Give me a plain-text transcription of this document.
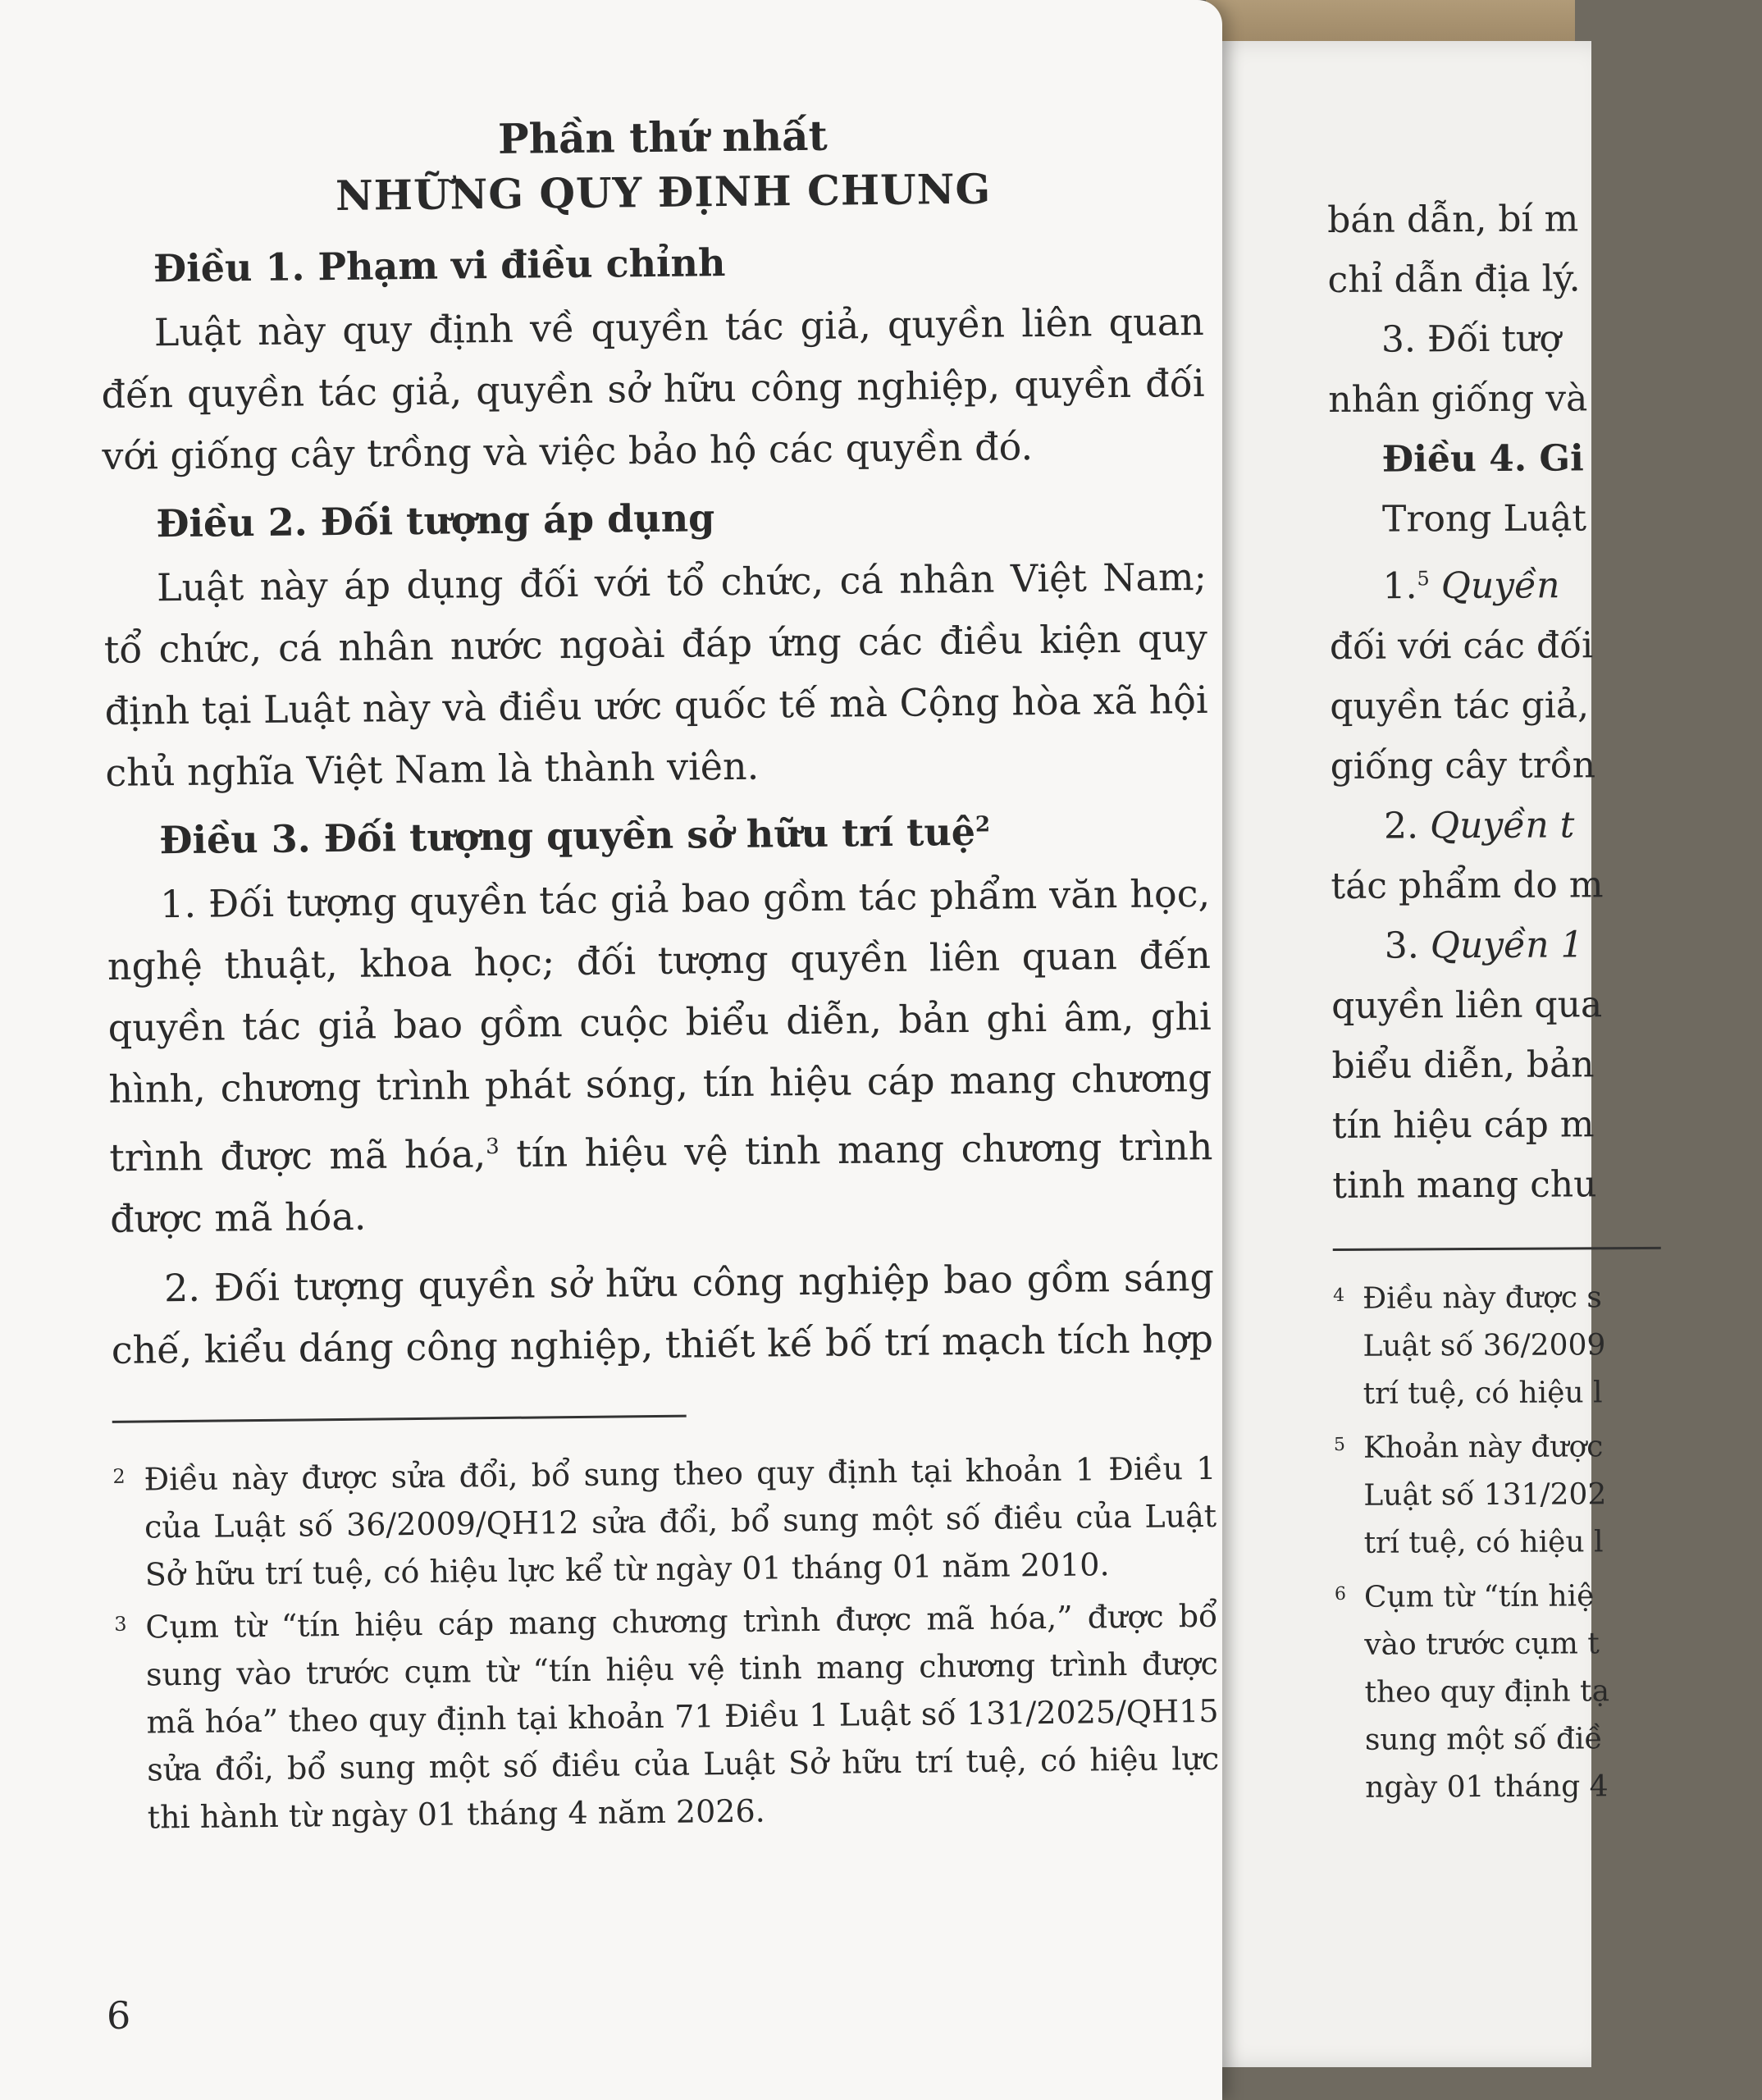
bán dẫn, bí m

chỉ dẫn địa lý.

3. Đối tượ

nhân giống và

Điều 4. Gi

Trong Luật

1.$^5$ Quyền

đối với các đối

quyền tác giả,

giống cây trồn

2. Quyền t

tác phẩm do m

3. Quyền 1

quyền liên qua

biểu diễn, bản

tín hiệu cáp m

tinh mang chu

4 Điều này được s

Luật số 36/2009

trí tuệ, có hiệu l

5 Khoản này được

Luật số 131/202

trí tuệ, có hiệu l

6 Cụm từ “tín hiệ

vào trước cụm t

theo quy định tạ

sung một số điề

ngày 01 tháng 4

Phần thứ nhất
NHỮNG QUY ĐỊNH CHUNG
Điều 1. Phạm vi điều chỉnh

Luật này quy định về quyền tác giả, quyền liên quan đến quyền tác giả, quyền sở hữu công nghiệp, quyền đối với giống cây trồng và việc bảo hộ các quyền đó.

Điều 2. Đối tượng áp dụng

Luật này áp dụng đối với tổ chức, cá nhân Việt Nam; tổ chức, cá nhân nước ngoài đáp ứng các điều kiện quy định tại Luật này và điều ước quốc tế mà Cộng hòa xã hội chủ nghĩa Việt Nam là thành viên.

Điều 3. Đối tượng quyền sở hữu trí tuệ$^2$

1. Đối tượng quyền tác giả bao gồm tác phẩm văn học, nghệ thuật, khoa học; đối tượng quyền liên quan đến quyền tác giả bao gồm cuộc biểu diễn, bản ghi âm, ghi hình, chương trình phát sóng, tín hiệu cáp mang chương trình được mã hóa,$^3$ tín hiệu vệ tinh mang chương trình được mã hóa.

2. Đối tượng quyền sở hữu công nghiệp bao gồm sáng chế, kiểu dáng công nghiệp, thiết kế bố trí mạch tích hợp

2 Điều này được sửa đổi, bổ sung theo quy định tại khoản 1 Điều 1 của Luật số 36/2009/QH12 sửa đổi, bổ sung một số điều của Luật Sở hữu trí tuệ, có hiệu lực kể từ ngày 01 tháng 01 năm 2010.

3 Cụm từ “tín hiệu cáp mang chương trình được mã hóa,” được bổ sung vào trước cụm từ “tín hiệu vệ tinh mang chương trình được mã hóa” theo quy định tại khoản 71 Điều 1 Luật số 131/2025/QH15 sửa đổi, bổ sung một số điều của Luật Sở hữu trí tuệ, có hiệu lực thi hành từ ngày 01 tháng 4 năm 2026.

6
